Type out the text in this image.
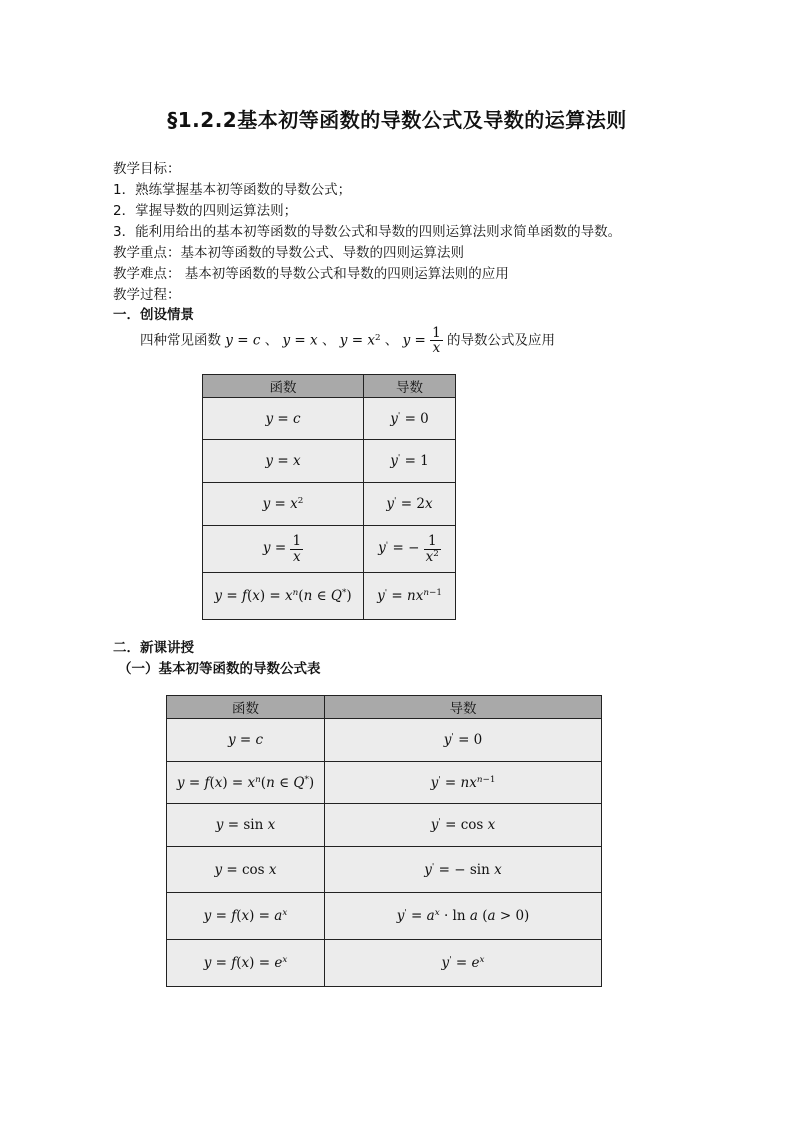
§1.2.2基本初等函数的导数公式及导数的运算法则
教学目标：
1．熟练掌握基本初等函数的导数公式；
2．掌握导数的四则运算法则；
3．能利用给出的基本初等函数的导数公式和导数的四则运算法则求简单函数的导数。
教学重点：基本初等函数的导数公式、导数的四则运算法则
教学难点： 基本初等函数的导数公式和导数的四则运算法则的应用
教学过程：
一．创设情景
四种常见函数 y = c 、 y = x 、 $y = x^2$ 、 $y = \frac{1}{x}$ 的导数公式及应用
函数	导数
y = c	y' = 0
y = x	y' = 1
$y = x^2$	y' = 2x
$y = \frac{1}{x}$	y' = − $\frac{1}{x^2}$

$y = f(x) = x^n(n$ ∈ Q*)	$y' = nx^{n-1}$
二．新课讲授
（一）基本初等函数的导数公式表
函数	导数
y = c	y' = 0
$y = f(x) = x^n(n$ ∈ Q*)	$y' = nx^{n-1}$
y = sin x	y' = cos x
y = cos x	y' = − sin x
$y = f(x) = a^x$	$y' = a^x \cdot \ln a$ (a > 0)
$y = f(x) = e^x$	$y' = e^x$
